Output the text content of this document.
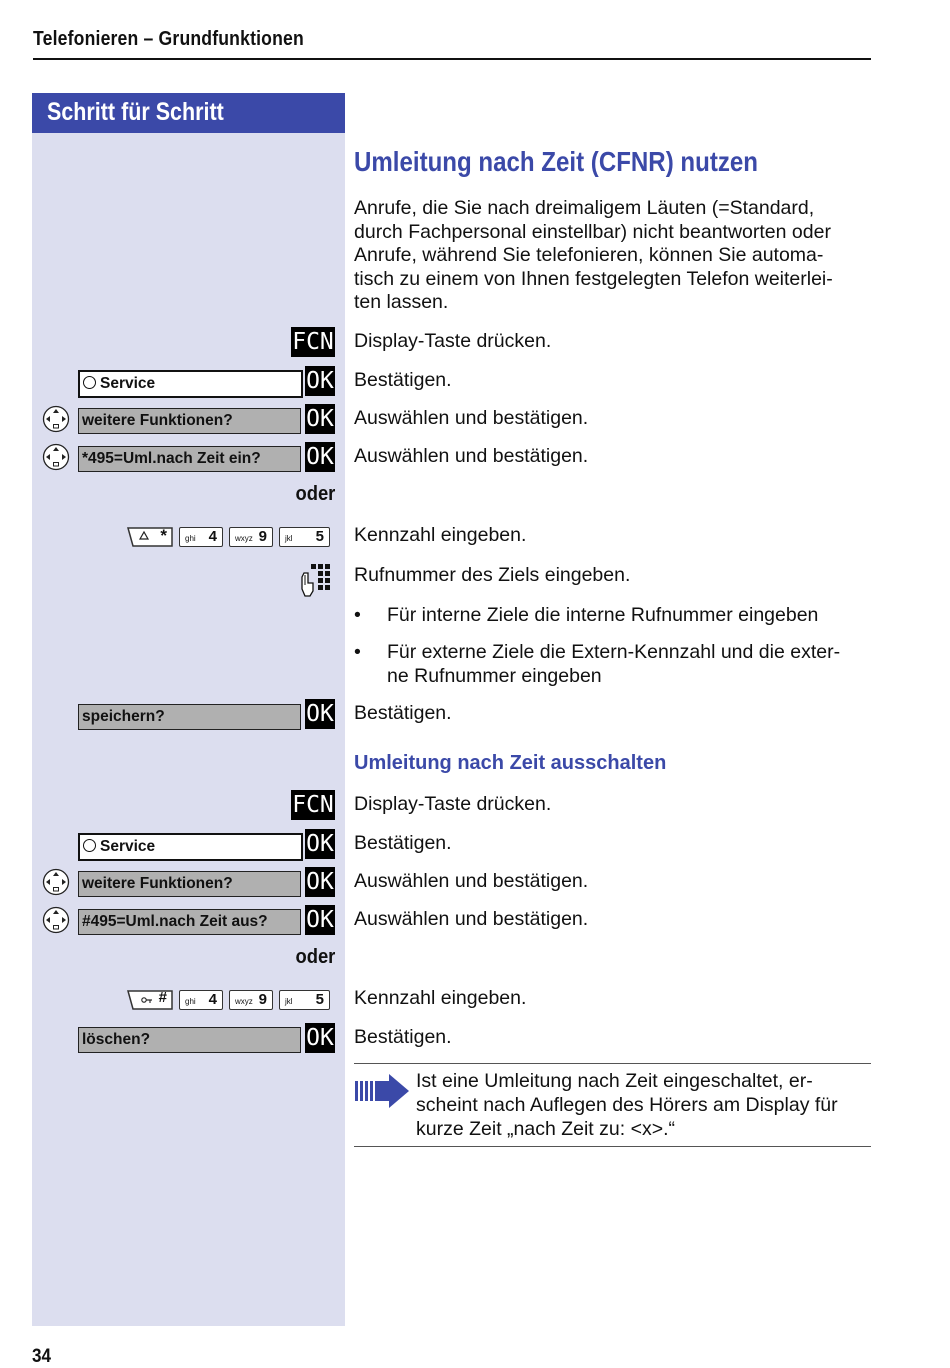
Telefonieren – Grundfunktionen
Schritt für Schritt
Umleitung nach Zeit (CFNR) nutzen
Anrufe, die Sie nach dreimaligem Läuten (=Standard,
durch Fachpersonal einstellbar) nicht beantworten oder
Anrufe, während Sie telefonieren, können Sie automa-
tisch zu einem von Ihnen festgelegten Telefon weiterlei-
ten lassen.
FCN Display-Taste drücken.
Service	OK Bestätigen.
weitere Funktionen?	OK Auswählen und bestätigen.
*495=Uml.nach Zeit ein?	OK Auswählen und bestätigen.
oder
* ghi 4	wxyz 9	jkl 5	Kennzahl eingeben.
Rufnummer des Ziels eingeben.
• Für interne Ziele die interne Rufnummer eingeben
• Für externe Ziele die Extern-Kennzahl und die exter-
ne Rufnummer eingeben
speichern?	OK Bestätigen.
Umleitung nach Zeit ausschalten
FCN Display-Taste drücken.
Service	OK Bestätigen.
weitere Funktionen?	OK Auswählen und bestätigen.
#495=Uml.nach Zeit aus?	OK Auswählen und bestätigen.
oder
# ghi 4	wxyz 9	jkl 5	Kennzahl eingeben.
löschen?	OK Bestätigen.
Ist eine Umleitung nach Zeit eingeschaltet, er-
scheint nach Auflegen des Hörers am Display für
kurze Zeit „nach Zeit zu: <x>.“
34
